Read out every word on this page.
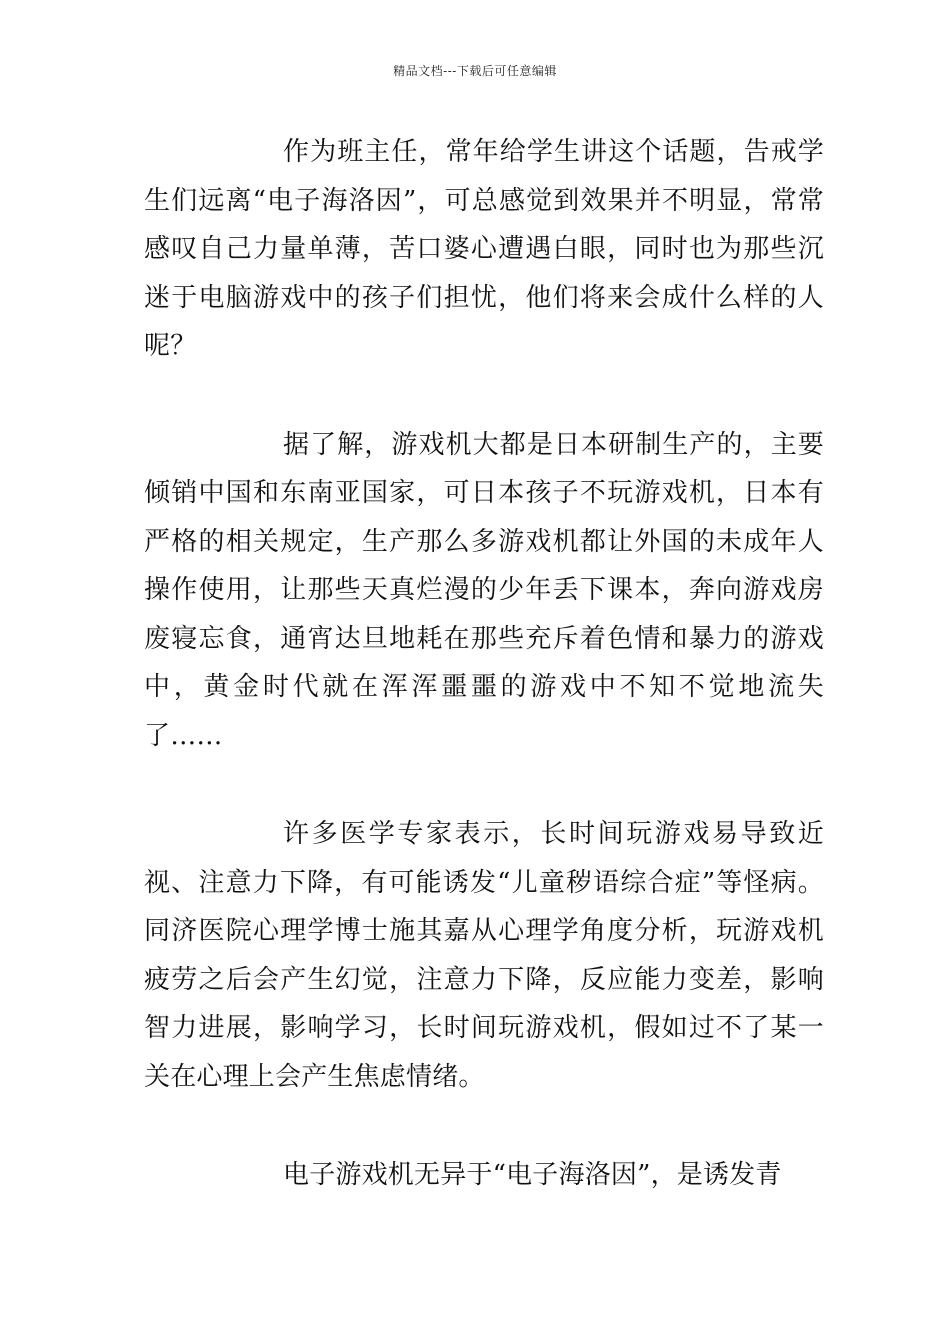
精品文档---下载后可任意编辑

作为班主任，常年给学生讲这个话题，告戒学生们远离“电子海洛因”，可总感觉到效果并不明显，常常感叹自己力量单薄，苦口婆心遭遇白眼，同时也为那些沉迷于电脑游戏中的孩子们担忧，他们将来会成什么样的人呢？

据了解，游戏机大都是日本研制生产的，主要倾销中国和东南亚国家，可日本孩子不玩游戏机，日本有严格的相关规定，生产那么多游戏机都让外国的未成年人操作使用，让那些天真烂漫的少年丢下课本，奔向游戏房废寝忘食，通宵达旦地耗在那些充斥着色情和暴力的游戏中，黄金时代就在浑浑噩噩的游戏中不知不觉地流失了……

许多医学专家表示，长时间玩游戏易导致近视、注意力下降，有可能诱发“儿童秽语综合症”等怪病。同济医院心理学博士施其嘉从心理学角度分析，玩游戏机疲劳之后会产生幻觉，注意力下降，反应能力变差，影响智力进展，影响学习，长时间玩游戏机，假如过不了某一关在心理上会产生焦虑情绪。

电子游戏机无异于“电子海洛因”，是诱发青
